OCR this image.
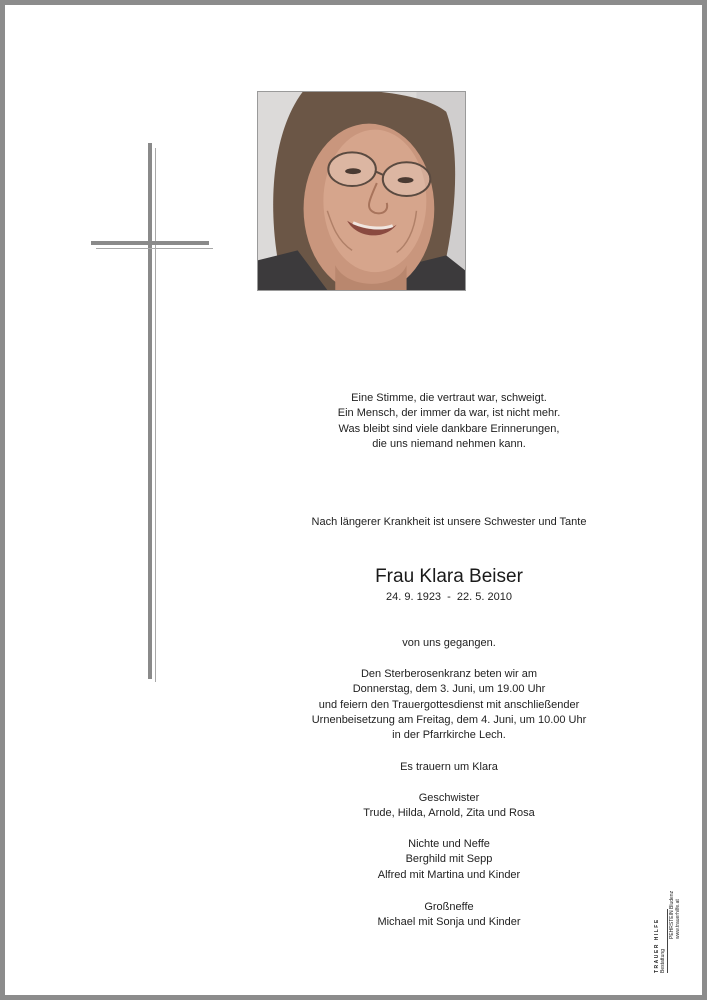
Eine Stimme, die vertraut war, schweigt.
Ein Mensch, der immer da war, ist nicht mehr.
Was bleibt sind viele dankbare Erinnerungen,
die uns niemand nehmen kann.
Nach längerer Krankheit ist unsere Schwester und Tante
Frau Klara Beiser
24. 9. 1923  -  22. 5. 2010
von uns gegangen.
Den Sterberosenkranz beten wir am
Donnerstag, dem 3. Juni, um 19.00 Uhr
und feiern den Trauergottesdienst mit anschließender
Urnenbeisetzung am Freitag, dem 4. Juni, um 10.00 Uhr
in der Pfarrkirche Lech.
Es trauern um Klara
Geschwister
Trude, Hilda, Arnold, Zita und Rosa
Nichte und Neffe
Berghild mit Sepp
Alfred mit Martina und Kinder
Großneffe
Michael mit Sonja und Kinder	TRAUER HILFE Bestattung
PEHRSTEIN Bludenz www.trauerhilfe.at
